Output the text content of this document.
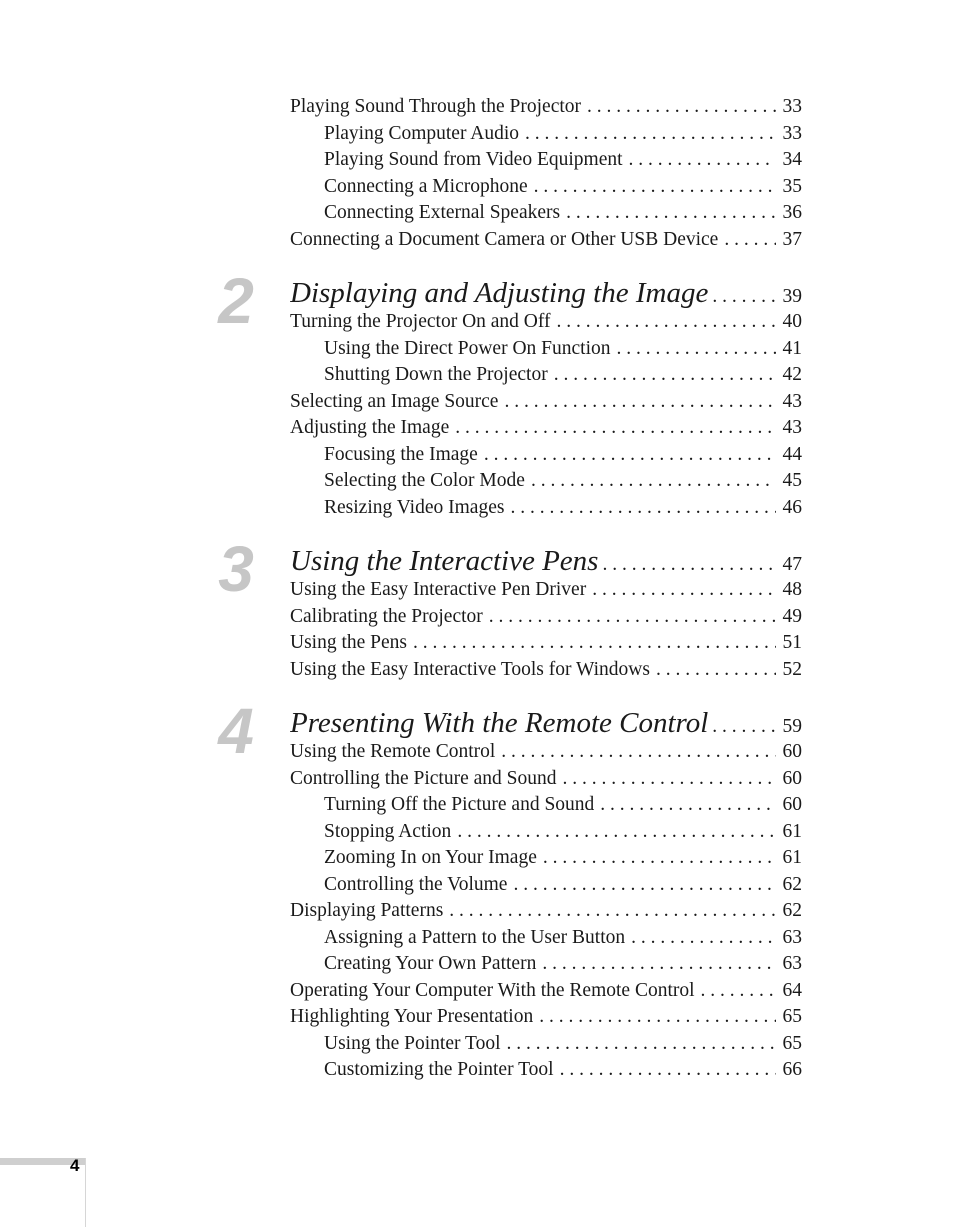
Playing Sound Through the Projector . . .	33
Playing Computer Audio . . .	33
Playing Sound from Video Equipment . . .	34
Connecting a Microphone . . .	35
Connecting External Speakers . . .	36
Connecting a Document Camera or Other USB Device . . .	37
2	Displaying and Adjusting the Image . . .	39
Turning the Projector On and Off . . .	40
Using the Direct Power On Function . . .	41
Shutting Down the Projector . . .	42
Selecting an Image Source . . .	43
Adjusting the Image . . .	43
Focusing the Image . . .	44
Selecting the Color Mode . . .	45
Resizing Video Images . . .	46
3	Using the Interactive Pens . . .	47
Using the Easy Interactive Pen Driver . . .	48
Calibrating the Projector . . .	49
Using the Pens . . .	51
Using the Easy Interactive Tools for Windows . . .	52
4	Presenting With the Remote Control . . .	59
Using the Remote Control . . .	60
Controlling the Picture and Sound . . .	60
Turning Off the Picture and Sound . . .	60
Stopping Action . . .	61
Zooming In on Your Image . . .	61
Controlling the Volume . . .	62
Displaying Patterns . . .	62
Assigning a Pattern to the User Button . . .	63
Creating Your Own Pattern . . .	63
Operating Your Computer With the Remote Control . . .	64
Highlighting Your Presentation . . .	65
Using the Pointer Tool . . .	65
Customizing the Pointer Tool . . .	66
4
